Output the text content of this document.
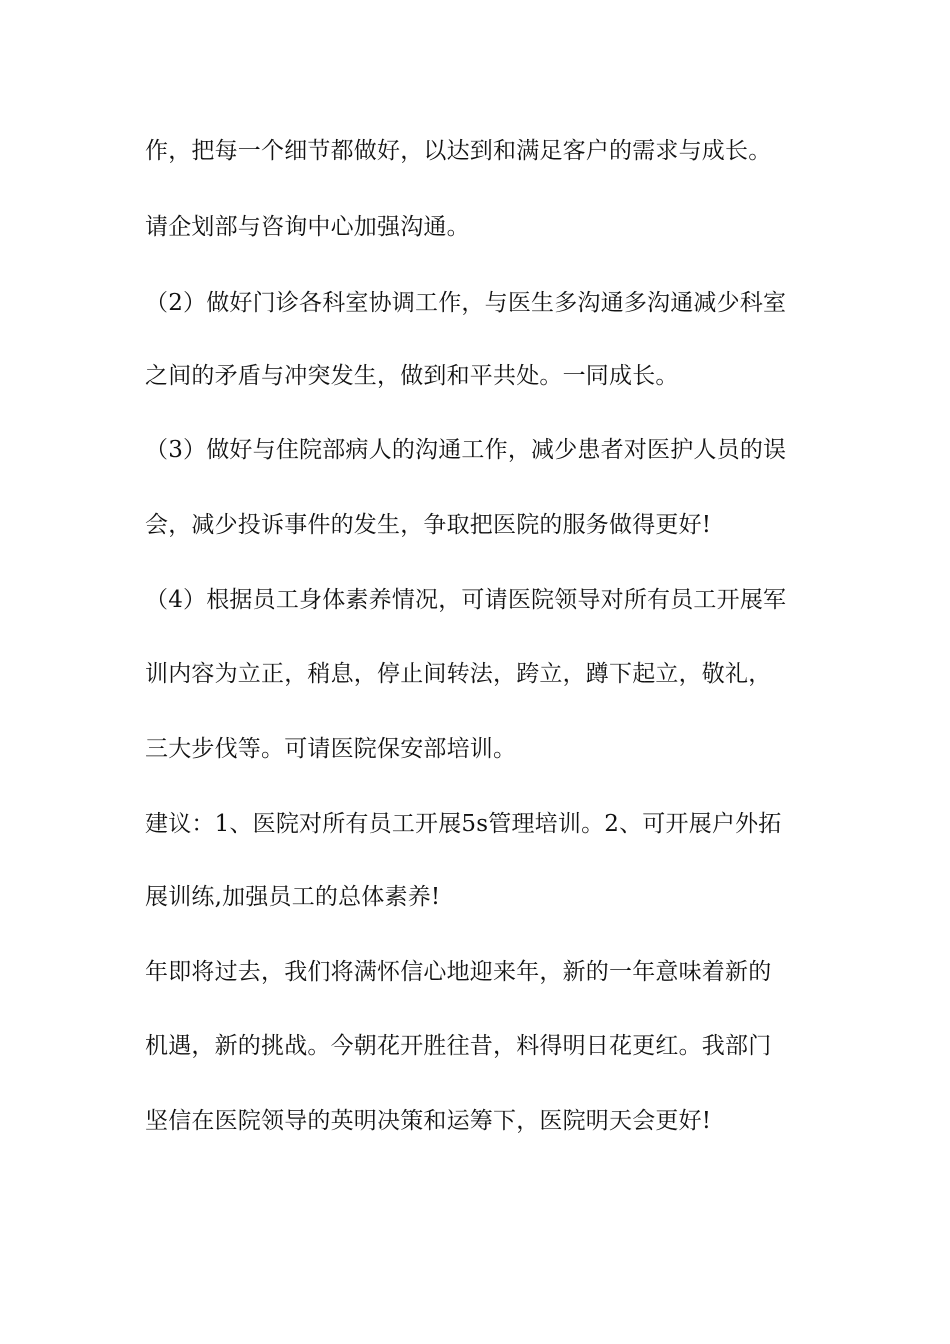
作，把每一个细节都做好，以达到和满足客户的需求与成长。
请企划部与咨询中心加强沟通。
（2）做好门诊各科室协调工作，与医生多沟通多沟通减少科室
之间的矛盾与冲突发生，做到和平共处。一同成长。
（3）做好与住院部病人的沟通工作，减少患者对医护人员的误
会，减少投诉事件的发生，争取把医院的服务做得更好!
（4）根据员工身体素养情况，可请医院领导对所有员工开展军
训内容为立正，稍息，停止间转法，跨立，蹲下起立，敬礼，
三大步伐等。可请医院保安部培训。
建议：1、医院对所有员工开展5s管理培训。2、可开展户外拓
展训练,加强员工的总体素养!
年即将过去，我们将满怀信心地迎来年，新的一年意味着新的
机遇，新的挑战。今朝花开胜往昔，料得明日花更红。我部门
坚信在医院领导的英明决策和运筹下，医院明天会更好!
